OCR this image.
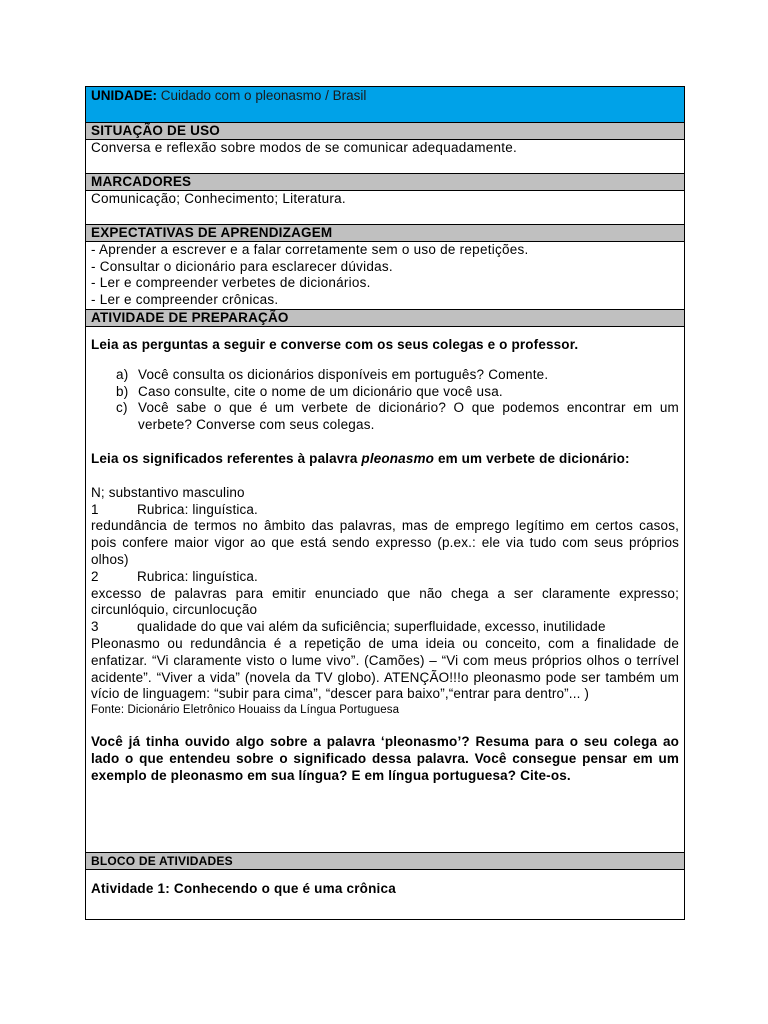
UNIDADE: Cuidado com o pleonasmo / Brasil
SITUAÇÃO DE USO
Conversa e reflexão sobre modos de se comunicar adequadamente.
MARCADORES
Comunicação; Conhecimento; Literatura.
EXPECTATIVAS DE APRENDIZAGEM
- Aprender a escrever e a falar corretamente sem o uso de repetições.
- Consultar o dicionário para esclarecer dúvidas.
- Ler e compreender verbetes de dicionários.
- Ler e compreender crônicas.
ATIVIDADE DE PREPARAÇÃO
Leia as perguntas a seguir e converse com os seus colegas e o professor.
a) Você consulta os dicionários disponíveis em português? Comente.
b) Caso consulte, cite o nome de um dicionário que você usa.
c) Você sabe o que é um verbete de dicionário? O que podemos encontrar em um verbete? Converse com seus colegas.
Leia os significados referentes à palavra pleonasmo em um verbete de dicionário:
N; substantivo masculino
1	Rubrica: linguística.
redundância de termos no âmbito das palavras, mas de emprego legítimo em certos casos, pois confere maior vigor ao que está sendo expresso (p.ex.: ele via tudo com seus próprios olhos)
2	Rubrica: linguística.
excesso de palavras para emitir enunciado que não chega a ser claramente expresso; circunlóquio, circunlocução
3	qualidade do que vai além da suficiência; superfluidade, excesso, inutilidade
Pleonasmo ou redundância é a repetição de uma ideia ou conceito, com a finalidade de enfatizar. “Vi claramente visto o lume vivo”. (Camões) – “Vi com meus próprios olhos o terrível acidente”. “Viver a vida” (novela da TV globo). ATENÇÃO!!!o pleonasmo pode ser também um vício de linguagem: “subir para cima”, “descer para baixo”,“entrar para dentro”... )
Fonte: Dicionário Eletrônico Houaiss da Língua Portuguesa
Você já tinha ouvido algo sobre a palavra ‘pleonasmo’? Resuma para o seu colega ao lado o que entendeu sobre o significado dessa palavra. Você consegue pensar em um exemplo de pleonasmo em sua língua? E em língua portuguesa? Cite-os.
BLOCO DE ATIVIDADES
Atividade 1: Conhecendo o que é uma crônica
